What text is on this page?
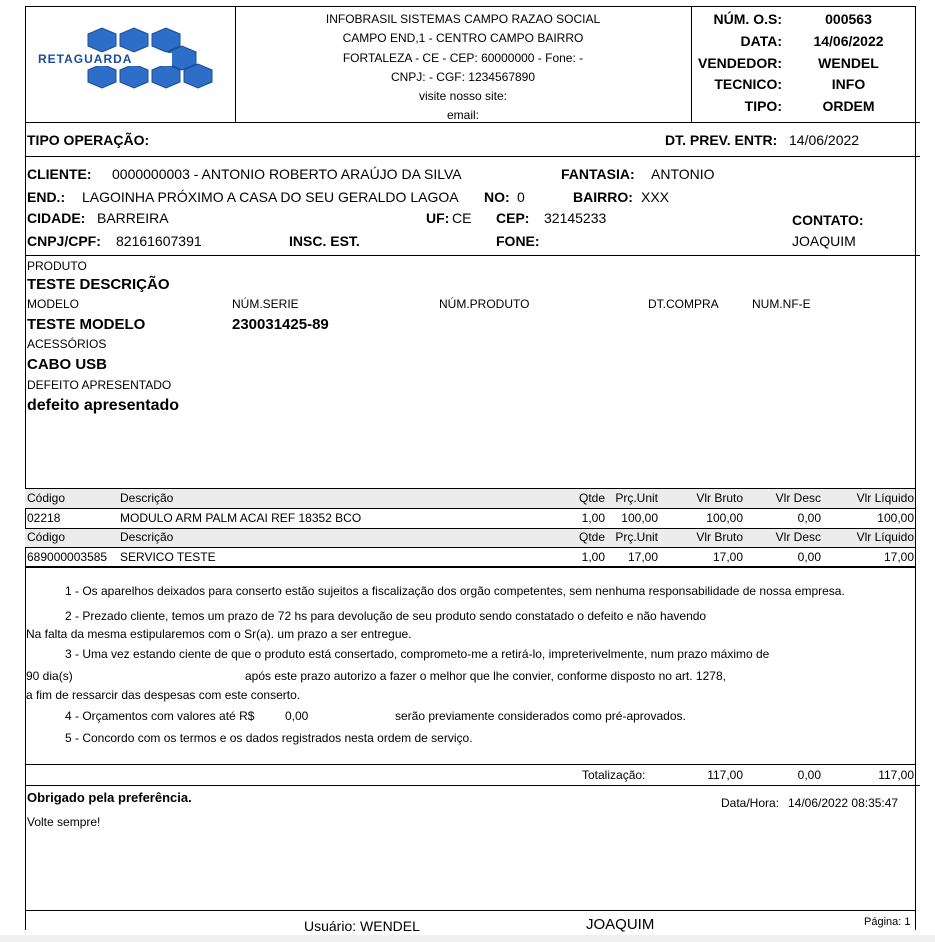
RETAGUARDA
INFOBRASIL SISTEMAS CAMPO RAZAO SOCIAL
CAMPO END,1 - CENTRO CAMPO BAIRRO
FORTALEZA - CE - CEP: 60000000 - Fone: -
CNPJ: - CGF: 1234567890
visite nosso site:
email:
NÚM. O.S:	000563
DATA:	14/06/2022
VENDEDOR:	WENDEL
TECNICO:	INFO
TIPO:	ORDEM
TIPO OPERAÇÃO:	DT. PREV. ENTR: 14/06/2022
CLIENTE: 0000000003 - ANTONIO ROBERTO ARAÚJO DA SILVA	FANTASIA: ANTONIO
END.: LAGOINHA PRÓXIMO A CASA DO SEU GERALDO LAGOA NO: 0	BAIRRO: XXX
CIDADE: BARREIRA	UF: CE CEP: 32145233	CONTATO:
CNPJ/CPF: 82161607391	INSC. EST.	FONE:	JOAQUIM
PRODUTO
TESTE DESCRIÇÃO
MODELO	NÚM.SERIE	NÚM.PRODUTO	DT.COMPRA	NUM.NF-E
TESTE MODELO	230031425-89
ACESSÓRIOS
CABO USB
DEFEITO APRESENTADO
defeito apresentado
Código	Descrição	Qtde Prç.Unit	Vlr Bruto	Vlr Desc	Vlr Líquido
02218	MODULO ARM PALM ACAI REF 18352 BCO	1,00 100,00	100,00	0,00	100,00
Código	Descrição	Qtde Prç.Unit	Vlr Bruto	Vlr Desc	Vlr Líquido
689000003585 SERVICO TESTE	1,00 17,00	17,00	0,00	17,00
1 - Os aparelhos deixados para conserto estão sujeitos a fiscalização dos orgão competentes, sem nenhuma responsabilidade de nossa empresa.
2 - Prezado cliente, temos um prazo de 72 hs para devolução de seu produto sendo constatado o defeito e não havendo
Na falta da mesma estipularemos com o Sr(a). um prazo a ser entregue.
3 - Uma vez estando ciente de que o produto está consertado, comprometo-me a retirá-lo, impreterivelmente, num prazo máximo de
90 dia(s)	após este prazo autorizo a fazer o melhor que lhe convier, conforme disposto no art. 1278,
a fim de ressarcir das despesas com este conserto.
4 - Orçamentos com valores até R$	0,00	serão previamente considerados como pré-aprovados.
5 - Concordo com os termos e os dados registrados nesta ordem de serviço.
Totalização:	117,00	0,00	117,00
Obrigado pela preferência.	Data/Hora: 14/06/2022 08:35:47
Volte sempre!
Usuário: WENDEL	JOAQUIM	Página: 1
